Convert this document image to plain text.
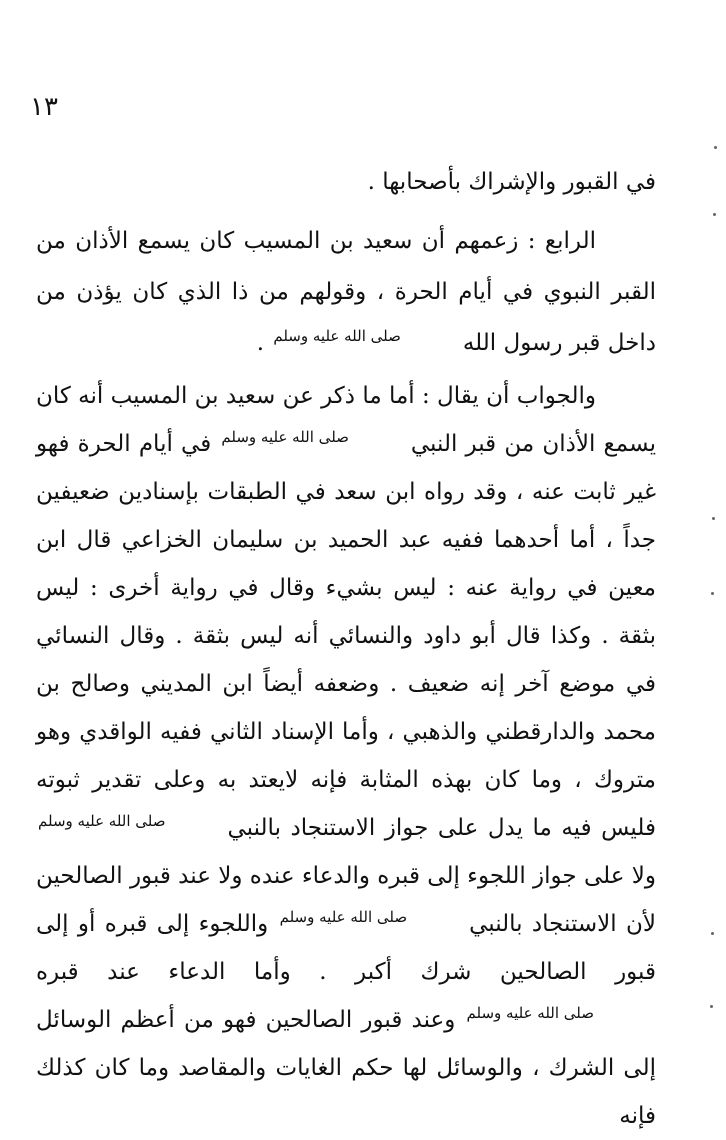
١٣
في القبور والإشراك بأصحابها .
الرابع : زعمهم أن سعيد بن المسيب كان يسمع الأذان من القبر النبوي في أيام الحرة ، وقولهم من ذا الذي كان يؤذن من داخل قبر رسول اللهصلى الله عليه وسلم .
والجواب أن يقال : أما ما ذكر عن سعيد بن المسيب أنه كان يسمع الأذان من قبر النبيصلى الله عليه وسلم في أيام الحرة فهو غير ثابت عنه ، وقد رواه ابن سعد في الطبقات بإسنادين ضعيفين جداً ، أما أحدهما ففيه عبد الحميد بن سليمان الخزاعي قال ابن معين في رواية عنه : ليس بشيء وقال في رواية أخرى : ليس بثقة . وكذا قال أبو داود والنسائي أنه ليس بثقة . وقال النسائي في موضع آخر إنه ضعيف . وضعفه أيضاً ابن المديني وصالح بن محمد والدارقطني والذهبي ، وأما الإسناد الثاني ففيه الواقدي وهو متروك ، وما كان بهذه المثابة فإنه لايعتد به وعلى تقدير ثبوته فليس فيه ما يدل على جواز الاستنجاد بالنبيصلى الله عليه وسلم ولا على جواز اللجوء إلى قبره والدعاء عنده ولا عند قبور الصالحين لأن الاستنجاد بالنبيصلى الله عليه وسلم واللجوء إلى قبره أو إلى قبور الصالحين شرك أكبر . وأما الدعاء عند قبرهصلى الله عليه وسلم وعند قبور الصالحين فهو من أعظم الوسائل إلى الشرك ، والوسائل لها حكم الغايات والمقاصد وما كان كذلك فإنه
